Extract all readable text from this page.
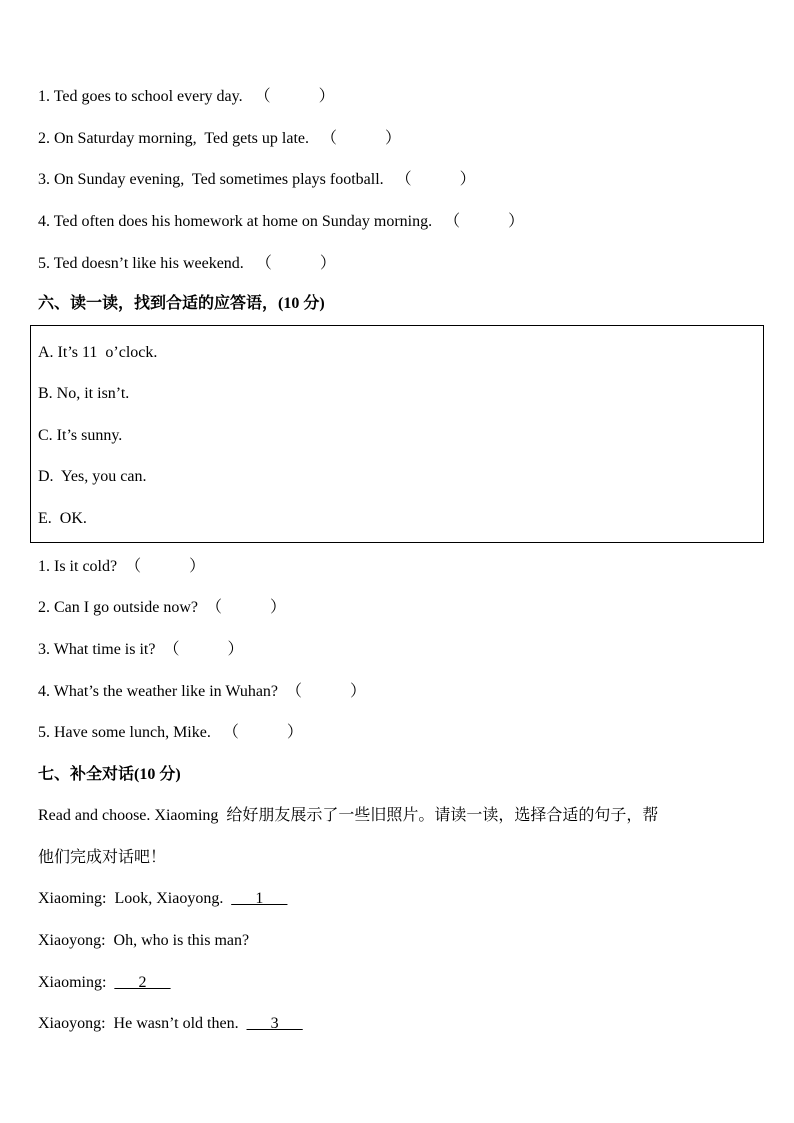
1. Ted goes to school every day. （            ）
2. On Saturday morning,  Ted gets up late. （            ）
3. On Sunday evening,  Ted sometimes plays football. （            ）
4. Ted often does his homework at home on Sunday morning. （            ）
5. Ted doesn’t like his weekend. （            ）
六、读一读，找到合适的应答语，(10 分)
A. It’s 11  o’clock.
B. No, it isn’t.
C. It’s sunny.
D.  Yes, you can.
E.  OK.
1. Is it cold? （            ）
2. Can I go outside now? （            ）
3. What time is it? （            ）
4. What’s the weather like in Wuhan? （            ）
5. Have some lunch, Mike. （            ）
七、补全对话(10 分)
Read and choose. Xiaoming  给好朋友展示了一些旧照片。请读一读，选择合适的句子，帮
他们完成对话吧！
Xiaoming: Look, Xiaoyong. ___1___
Xiaoyong: Oh, who is this man?
Xiaoming: ___2___
Xiaoyong: He wasn’t old then. ___3___
